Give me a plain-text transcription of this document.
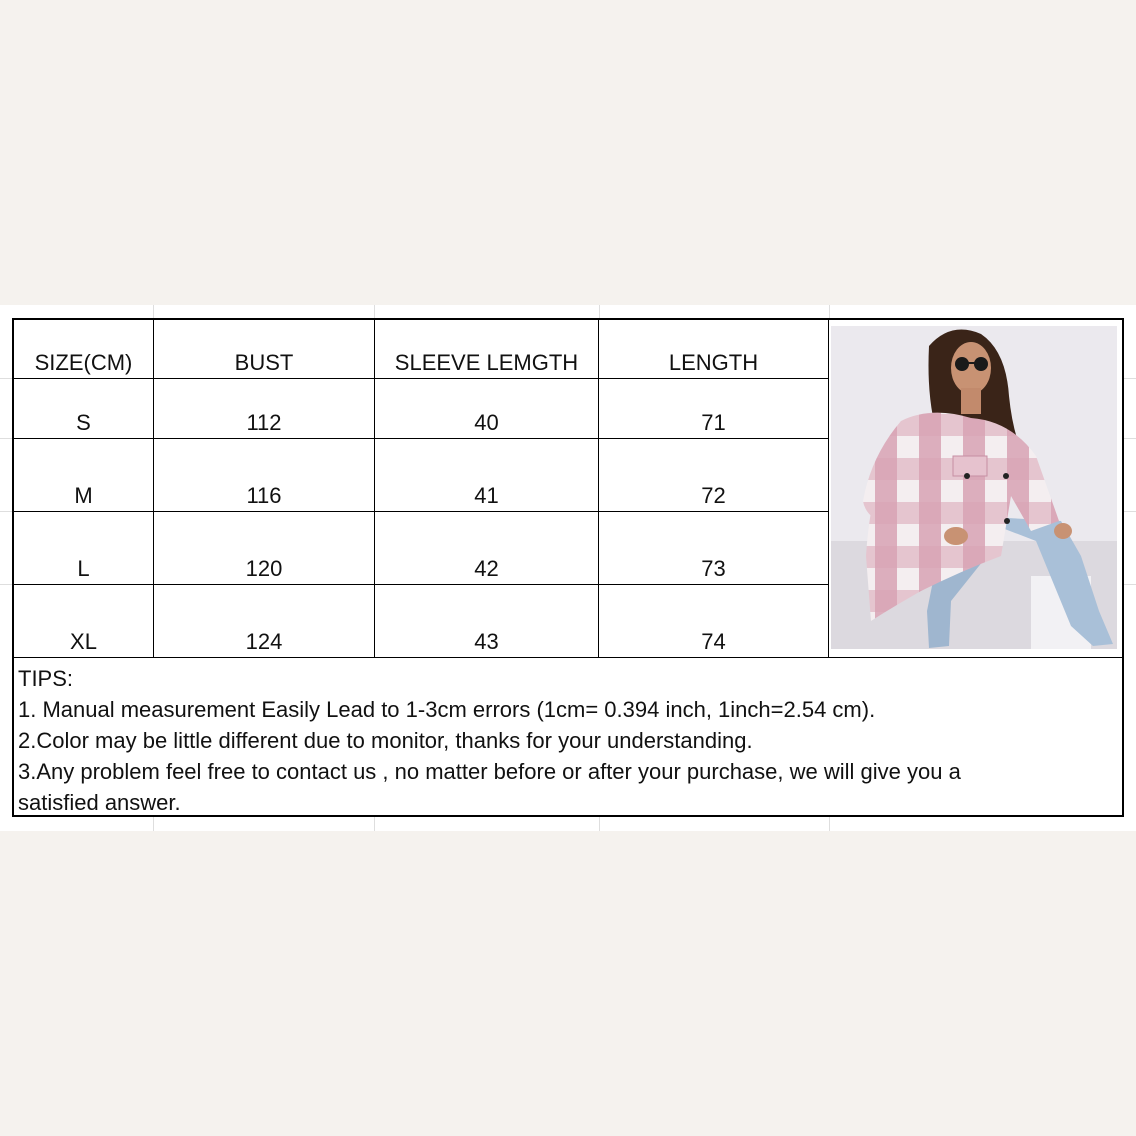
SIZE(CM)	BUST	SLEEVE LEMGTH	LENGTH
S	112	40	71
M	116	41	72
L	120	42	73
XL	124	43	74
TIPS:
1. Manual measurement Easily Lead to 1-3cm errors (1cm= 0.394 inch, 1inch=2.54 cm).
2.Color may be little different due to monitor, thanks for your understanding.
3.Any problem feel free to contact us , no matter before or after your purchase, we will give you a
satisfied answer.
